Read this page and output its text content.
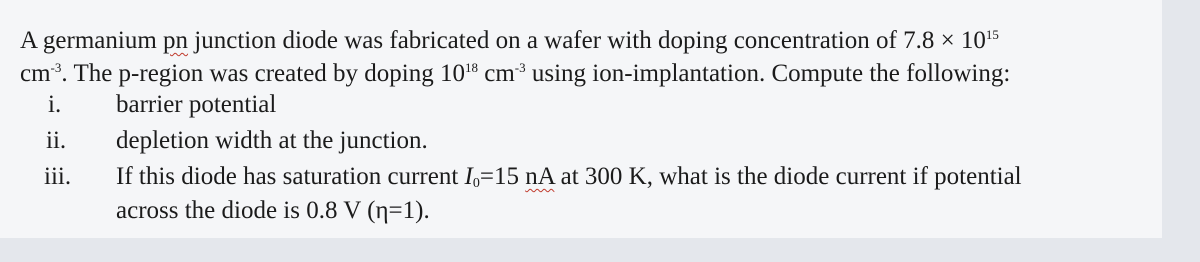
A germanium pn junction diode was fabricated on a wafer with doping concentration of $7.8 \times 10^{15}$
$cm^{-3}$. The p-region was created by doping $10^{18}$ $cm^{-3}$ using ion-implantation. Compute the following:
i. barrier potential
ii. depletion width at the junction.
iii. If this diode has saturation current $I_0=15$ nA at 300 K, what is the diode current if potential
across the diode is 0.8 V (η=1).
